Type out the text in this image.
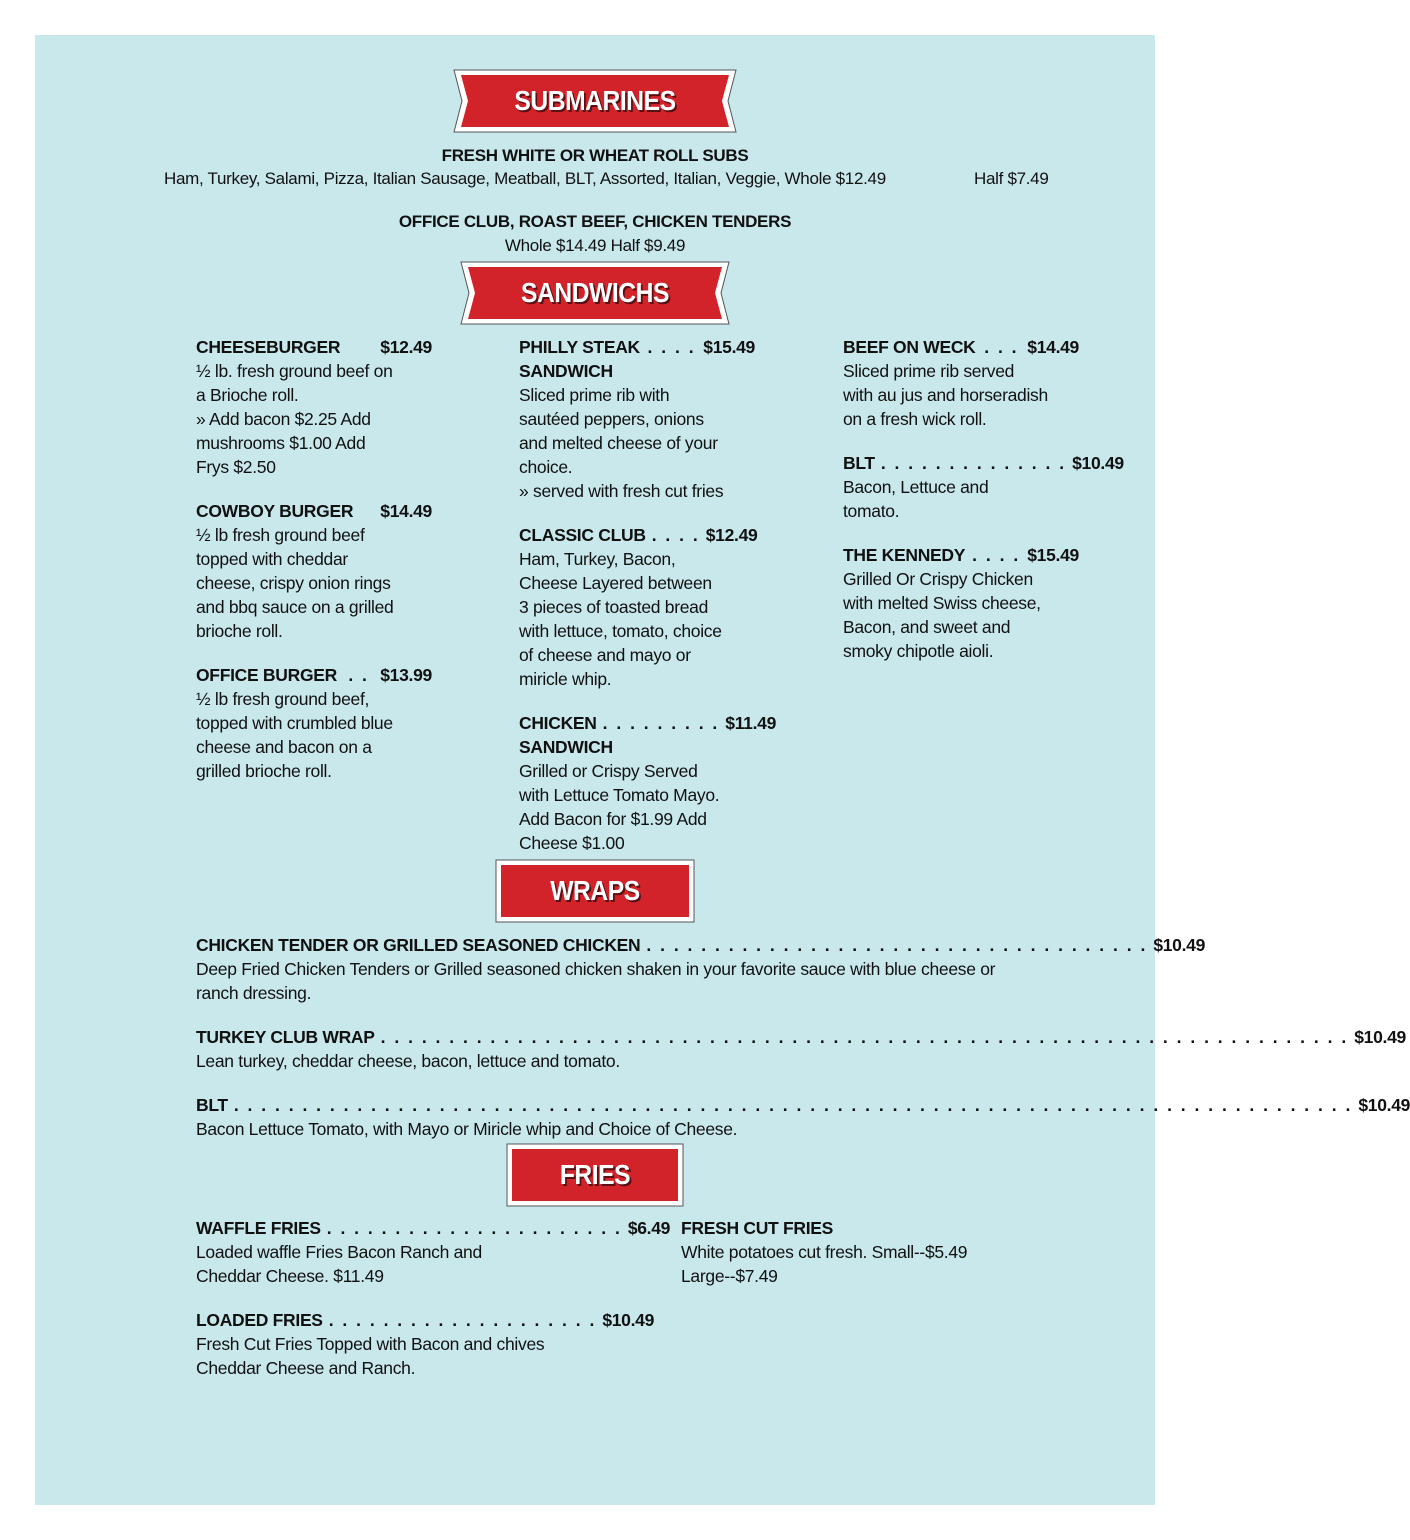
SUBMARINES
FRESH WHITE OR WHEAT ROLL SUBS
Ham, Turkey, Salami, Pizza, Italian Sausage, Meatball, BLT, Assorted, Italian, Veggie, Whole $12.49	Half $7.49
OFFICE CLUB, ROAST BEEF, CHICKEN TENDERS
Whole $14.49 Half $9.49
SANDWICHS
CHEESEBURGER $12.49
½ lb. fresh ground beef on
a Brioche roll.
» Add bacon $2.25 Add
mushrooms $1.00 Add
Frys $2.50
COWBOY BURGER $14.49
½ lb fresh ground beef
topped with cheddar
cheese, crispy onion rings
and bbq sauce on a grilled
brioche roll.
OFFICE BURGER . . $13.99
½ lb fresh ground beef,
topped with crumbled blue
cheese and bacon on a
grilled brioche roll.
PHILLY STEAK . . . . $15.49
SANDWICH
Sliced prime rib with
sautéed peppers, onions
and melted cheese of your
choice.
» served with fresh cut fries
CLASSIC CLUB . . . . $12.49
Ham, Turkey, Bacon,
Cheese Layered between
3 pieces of toasted bread
with lettuce, tomato, choice
of cheese and mayo or
miricle whip.
CHICKEN . . . . . . . . . $11.49
SANDWICH
Grilled or Crispy Served
with Lettuce Tomato Mayo.
Add Bacon for $1.99 Add
Cheese $1.00
BEEF ON WECK . . . $14.49
Sliced prime rib served
with au jus and horseradish
on a fresh wick roll.
BLT . . . . . . . . . . . . . . $10.49
Bacon, Lettuce and
tomato.
THE KENNEDY . . . . $15.49
Grilled Or Crispy Chicken
with melted Swiss cheese,
Bacon, and sweet and
smoky chipotle aioli.
WRAPS
CHICKEN TENDER OR GRILLED SEASONED CHICKEN . . . . . . . . . . . . . . . . . . . . . . . . . . . . . . . . . . . . . $10.49
Deep Fried Chicken Tenders or Grilled seasoned chicken shaken in your favorite sauce with blue cheese or
ranch dressing.
TURKEY CLUB WRAP . . . . . . . . . . . . . . . . . . . . . . . . . . . . . . . . . . . . . . . . . . . . . . . . . . . . . . . . . . . . . . . . . . . . . . . $10.49
Lean turkey, cheddar cheese, bacon, lettuce and tomato.
BLT . . . . . . . . . . . . . . . . . . . . . . . . . . . . . . . . . . . . . . . . . . . . . . . . . . . . . . . . . . . . . . . . . . . . . . . . . . . . . . . . . . $10.49
Bacon Lettuce Tomato, with Mayo or Miricle whip and Choice of Cheese.
FRIES
WAFFLE FRIES . . . . . . . . . . . . . . . . . . . . . . $6.49
Loaded waffle Fries Bacon Ranch and
Cheddar Cheese. $11.49
LOADED FRIES . . . . . . . . . . . . . . . . . . . . $10.49
Fresh Cut Fries Topped with Bacon and chives
Cheddar Cheese and Ranch.
FRESH CUT FRIES
White potatoes cut fresh. Small--$5.49
Large--$7.49
